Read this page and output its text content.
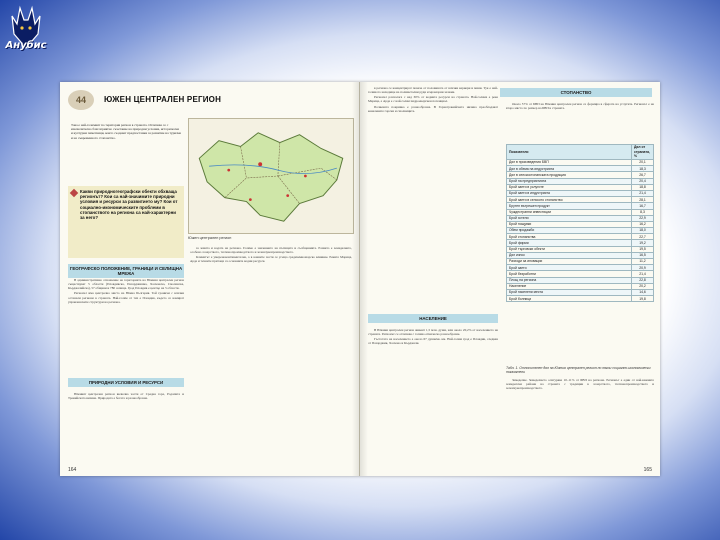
Анубис
44	ЮЖЕН ЦЕНТРАЛЕН РЕГИОН
Това е най-големият по територия регион в страната. Отличава се с изключително благоприятно съчетание на природни условия, исторически и културни паметници, които създават предпоставки за развитие на туризма и на съвременното стопанство.
Какви природногеографски обекти обхваща регионът? Кои са най-значимите природни условия и ресурси за развитието му? Кои от социално-икономическите проблеми в стопанството на региона са най-характерни за него?
Южен централен регион
ГЕОГРАФСКО ПОЛОЖЕНИЕ, ГРАНИЦИ И СЕЛИЩНА МРЕЖА

В административно отношение на територията на Южния централен регион съществуват 5 области (Пловдивска, Пазарджишка, Хасковска, Смолянска, Кърджалийска), 57 общини и 780 селища. Град Пловдив е център на 5 области.

Регионът има централно място на Южна България. Той граничи с всички останали региони в страната. Най-голям от тях е Пловдив, където се намират управленските структури на региона.

ПРИРОДНИ УСЛОВИЯ И РЕСУРСИ

Южният централен регион включва части от Средна гора, Родопите и Тракийската низина. Природата е богата и разнообразна.

за земята и водата на региона. Голямо е значението на пътищата и съобщенията. Развито е земеделието, особено лозарството, тютюнопроизводството и зеленчукопроизводството.

Климатът е умереноконтинентален, а в южните части се усеща средиземноморско влияние. Реките Марица, Арда и техните притоци са основните водни ресурси.

164

в региона се концентрират повече от половината от всички кариери и мини. Тук е най-голямото находище на полиметални руди и мраморни залежи.

Регионът разполага с над 30% от водните ресурси на страната. Най-голяма е река Марица, а Арда е с най-голям хидроенергиен потенциал.

Почвената покривка е разнообразна. В Горнотракийската низина преобладават канелените горски и смолниците.

НАСЕЛЕНИЕ

В Южния централен регион живеят 1,5 млн. души, или около 20,2% от населението на страната. Регионът се отличава с голямо етническо разнообразие.

Гъстотата на населението е около 67 души/кв. км. Най-голям град е Пловдив, следван от Пазарджик, Хасково и Кърджали.

СТОПАНСТВО

Около 57% от БВП на Южния централен регион се формира в сферата на услугите. Регионът е на второ място по размер на БВП в страната.

Показатели	Дял от страната, %
Дял в произведения БВП	20,1
Дял в обема на индустрията	18,3
Дял в селскостопанската продукция	26,7
Брой на предприятията	20,4
Брой заети в услугите	18,8
Брой заети в индустрията	21,4
Брой заети в селското стопанство	28,1
Брутен вътрешен продукт	16,7
Чуждестранни инвестиции	8,3
Брой хотели	22,9
Брой нощувки	16,2
Обем продажби	18,0
Брой стопанства	22,7
Брой фирми	19,2
Брой търговски обекти	19,5
Дял износ	16,5
Разходи за иновации	11,2
Брой заети	20,9
Брой безработни	21,4
Площ на региона	22,8
Население	20,2
Брой населени места	14,6
Брой болници	19,8
Табл. 1. Относителен дял на Южния централен регион по някои социално-икономически показатели

Земеделие. Земеделието осигурява 10–11% от БВП на региона. Регионът е един от най-важните земеделски райони на страната с традиции в лозарството, тютюнопроизводството и зеленчукопроизводството.

165
